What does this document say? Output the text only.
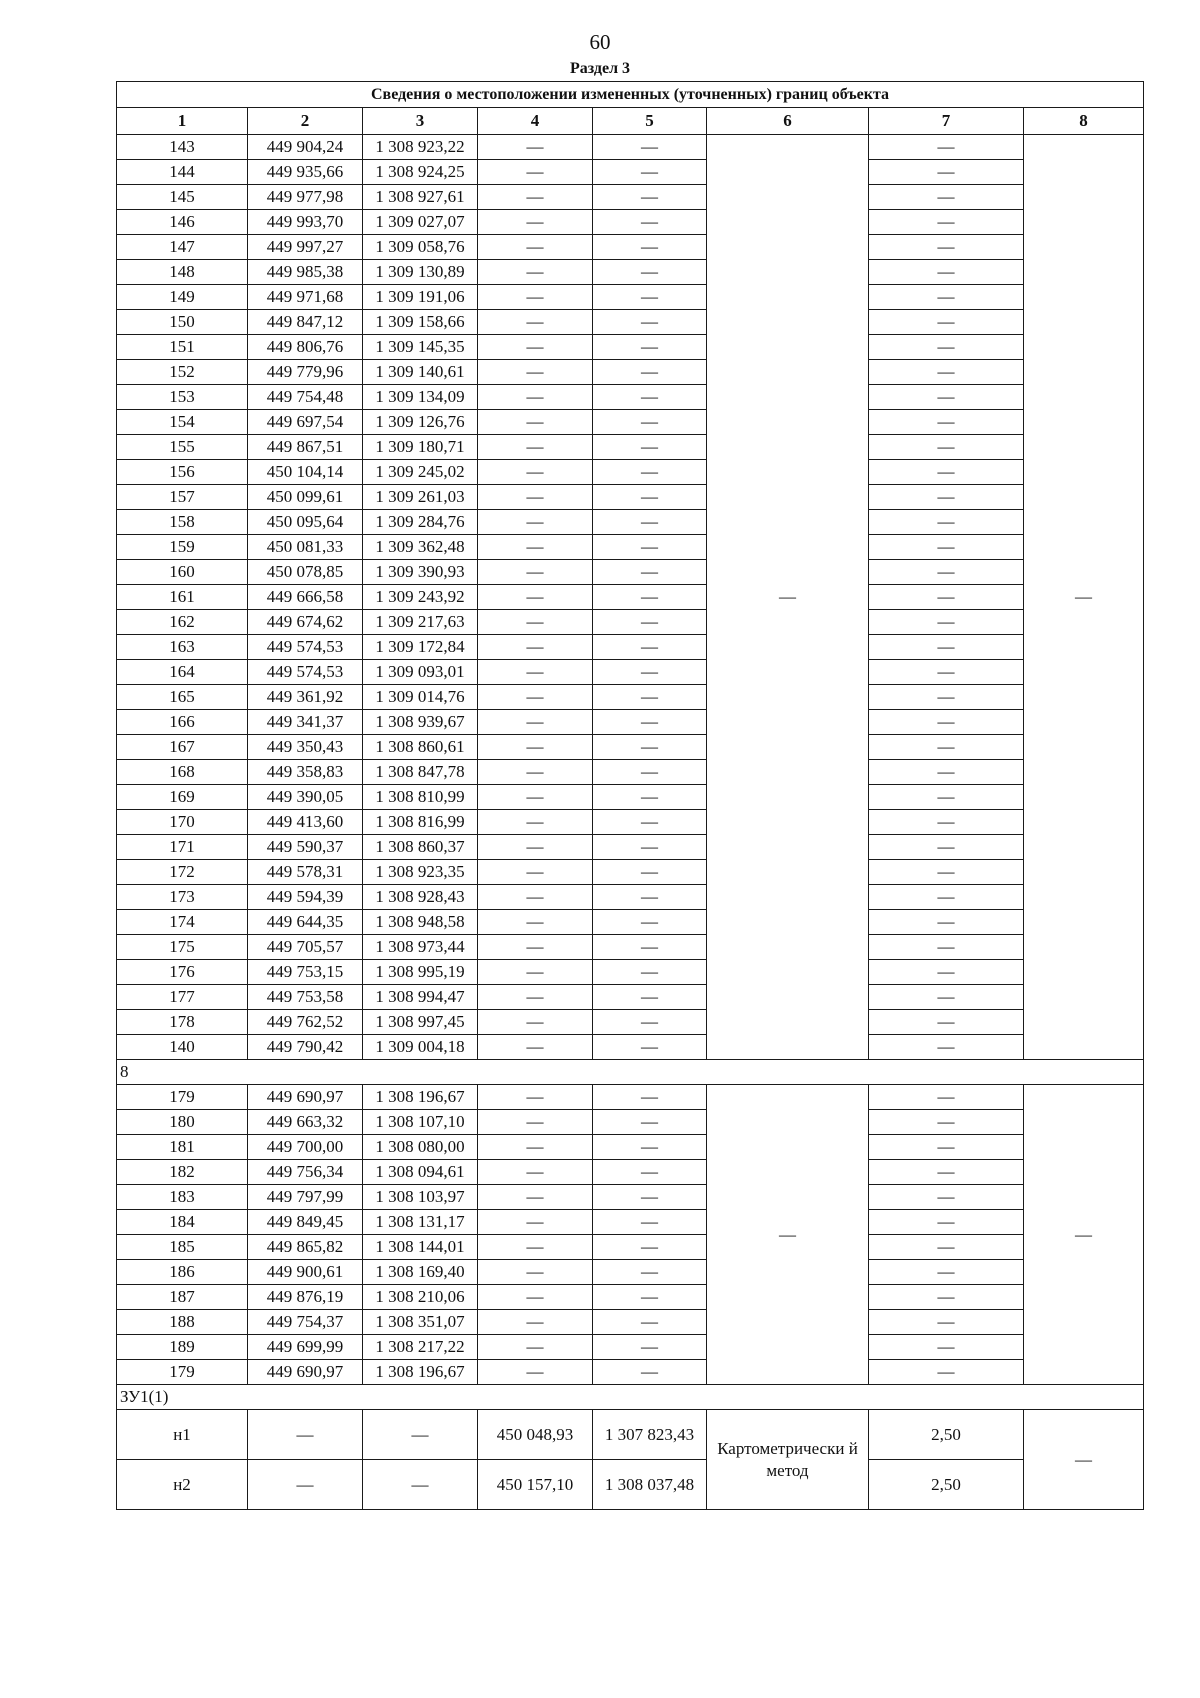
60
Раздел 3
Сведения о местоположении измененных (уточненных) границ объекта							
1	2	3	4	5	6	7	8
143	449 904,24	1 308 923,22	—	—	—	—	—
144	449 935,66	1 308 924,25	—	—		—	
145	449 977,98	1 308 927,61	—	—		—	
146	449 993,70	1 309 027,07	—	—		—	
147	449 997,27	1 309 058,76	—	—		—	
148	449 985,38	1 309 130,89	—	—		—	
149	449 971,68	1 309 191,06	—	—		—	
150	449 847,12	1 309 158,66	—	—		—	
151	449 806,76	1 309 145,35	—	—		—	
152	449 779,96	1 309 140,61	—	—		—	
153	449 754,48	1 309 134,09	—	—		—	
154	449 697,54	1 309 126,76	—	—		—	
155	449 867,51	1 309 180,71	—	—		—	
156	450 104,14	1 309 245,02	—	—		—	
157	450 099,61	1 309 261,03	—	—		—	
158	450 095,64	1 309 284,76	—	—		—	
159	450 081,33	1 309 362,48	—	—		—	
160	450 078,85	1 309 390,93	—	—		—	
161	449 666,58	1 309 243,92	—	—		—	
162	449 674,62	1 309 217,63	—	—		—	
163	449 574,53	1 309 172,84	—	—		—	
164	449 574,53	1 309 093,01	—	—		—	
165	449 361,92	1 309 014,76	—	—		—	
166	449 341,37	1 308 939,67	—	—		—	
167	449 350,43	1 308 860,61	—	—		—	
168	449 358,83	1 308 847,78	—	—		—	
169	449 390,05	1 308 810,99	—	—		—	
170	449 413,60	1 308 816,99	—	—		—	
171	449 590,37	1 308 860,37	—	—		—	
172	449 578,31	1 308 923,35	—	—		—	
173	449 594,39	1 308 928,43	—	—		—	
174	449 644,35	1 308 948,58	—	—		—	
175	449 705,57	1 308 973,44	—	—		—	
176	449 753,15	1 308 995,19	—	—		—	
177	449 753,58	1 308 994,47	—	—		—	
178	449 762,52	1 308 997,45	—	—		—	
140	449 790,42	1 309 004,18	—	—		—	
8							
179	449 690,97	1 308 196,67	—	—	—	—	—
180	449 663,32	1 308 107,10	—	—		—	
181	449 700,00	1 308 080,00	—	—		—	
182	449 756,34	1 308 094,61	—	—		—	
183	449 797,99	1 308 103,97	—	—		—	
184	449 849,45	1 308 131,17	—	—		—	
185	449 865,82	1 308 144,01	—	—		—	
186	449 900,61	1 308 169,40	—	—		—	
187	449 876,19	1 308 210,06	—	—		—	
188	449 754,37	1 308 351,07	—	—		—	
189	449 699,99	1 308 217,22	—	—		—	
179	449 690,97	1 308 196,67	—	—		—	
ЗУ1(1)							
н1	—	—	450 048,93	1 307 823,43	Картометрически й метод	2,50	—
н2	—	—	450 157,10	1 308 037,48		2,50	
